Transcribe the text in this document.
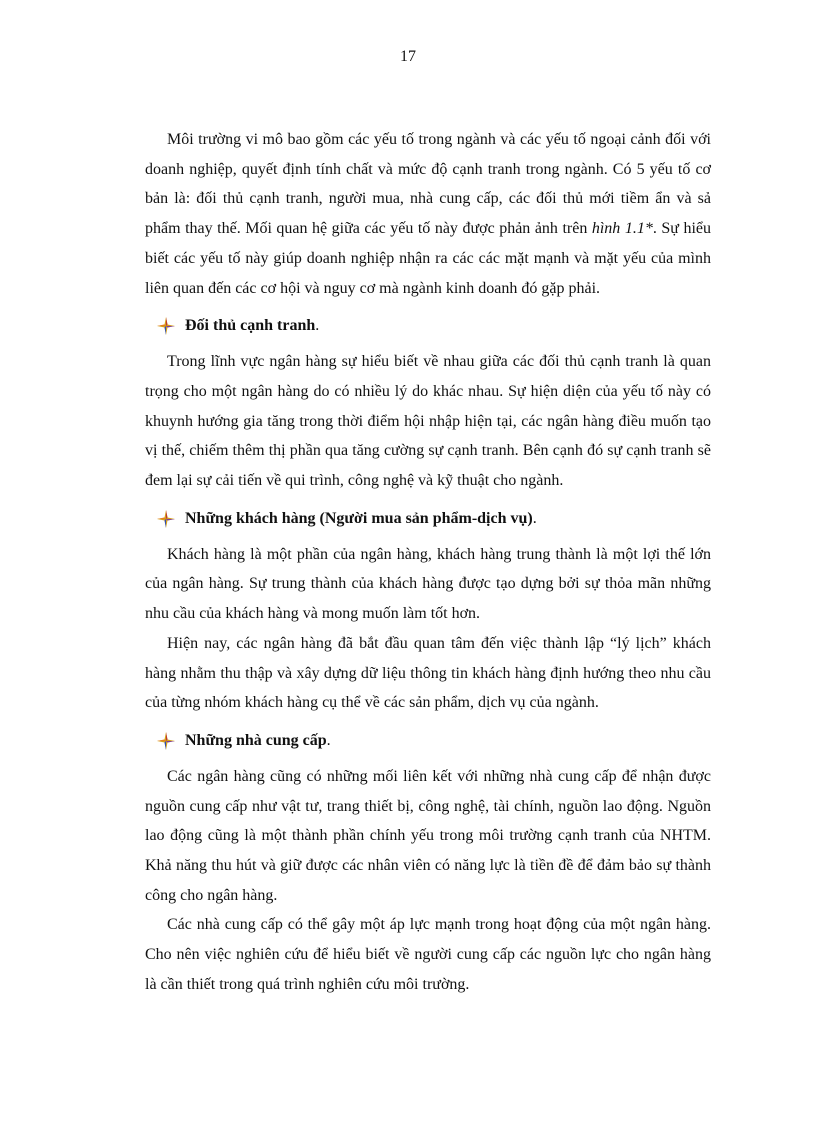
17

Môi trường vi mô bao gồm các yếu tố trong ngành và các yếu tố ngoại cảnh đối với doanh nghiệp, quyết định tính chất và mức độ cạnh tranh trong ngành. Có 5 yếu tố cơ bản là: đối thủ cạnh tranh, người mua, nhà cung cấp, các đối thủ mới tiềm ẩn và sả phẩm thay thế. Mối quan hệ giữa các yếu tố này được phản ảnh trên hình 1.1*. Sự hiểu biết các yếu tố này giúp doanh nghiệp nhận ra các các mặt mạnh và mặt yếu của mình liên quan đến các cơ hội và nguy cơ mà ngành kinh doanh đó gặp phải.

Đối thủ cạnh tranh .

Trong lĩnh vực ngân hàng sự hiểu biết về nhau giữa các đối thủ cạnh tranh là quan trọng cho một ngân hàng do có nhiều lý do khác nhau. Sự hiện diện của yếu tố này có khuynh hướng gia tăng trong thời điểm hội nhập hiện tại, các ngân hàng điều muốn tạo vị thế, chiếm thêm thị phần qua tăng cường sự cạnh tranh. Bên cạnh đó sự cạnh tranh sẽ đem lại sự cải tiến về qui trình, công nghệ và kỹ thuật cho ngành.

Những khách hàng (Người mua sản phẩm-dịch vụ) .

Khách hàng là một phần của ngân hàng, khách hàng trung thành là một lợi thế lớn của ngân hàng. Sự trung thành của khách hàng được tạo dựng bởi sự thỏa mãn những nhu cầu của khách hàng và mong muốn làm tốt hơn.

Hiện nay, các ngân hàng đã bắt đầu quan tâm đến việc thành lập “lý lịch” khách hàng nhằm thu thập và xây dựng dữ liệu thông tin khách hàng định hướng theo nhu cầu của từng nhóm khách hàng cụ thể về các sản phẩm, dịch vụ của ngành.

Những nhà cung cấp .

Các ngân hàng cũng có những mối liên kết với những nhà cung cấp để nhận được nguồn cung cấp như vật tư, trang thiết bị, công nghệ, tài chính, nguồn lao động. Nguồn lao động cũng là một thành phần chính yếu trong môi trường cạnh tranh của NHTM. Khả năng thu hút và giữ được các nhân viên có năng lực là tiền đề để đảm bảo sự thành công cho ngân hàng.

Các nhà cung cấp có thể gây một áp lực mạnh trong hoạt động của một ngân hàng. Cho nên việc nghiên cứu để hiểu biết về người cung cấp các nguồn lực cho ngân hàng là cần thiết trong quá trình nghiên cứu môi trường.
